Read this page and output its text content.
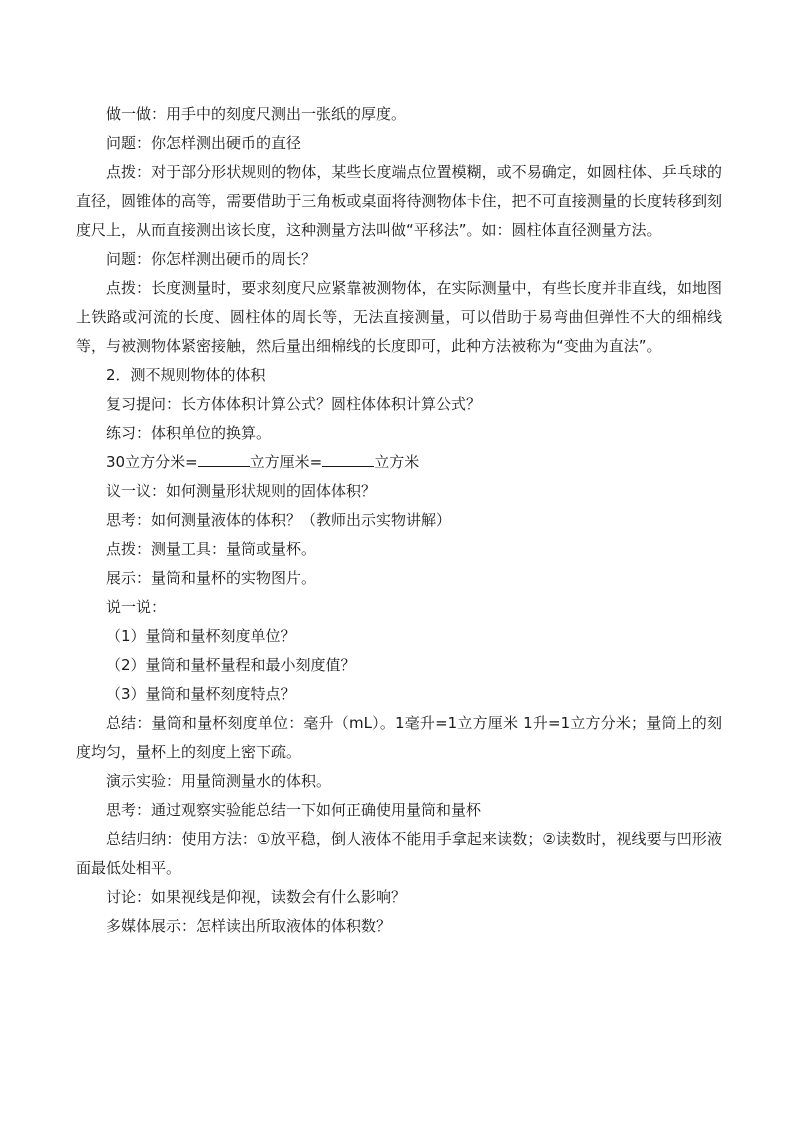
做一做：用手中的刻度尺测出一张纸的厚度。

问题：你怎样测出硬币的直径

点拨：对于部分形状规则的物体，某些长度端点位置模糊，或不易确定，如圆柱体、乒乓球的直径，圆锥体的高等，需要借助于三角板或桌面将待测物体卡住，把不可直接测量的长度转移到刻度尺上，从而直接测出该长度，这种测量方法叫做“平移法”。如：圆柱体直径测量方法。

问题：你怎样测出硬币的周长？

点拨：长度测量时，要求刻度尺应紧靠被测物体，在实际测量中，有些长度并非直线，如地图上铁路或河流的长度、圆柱体的周长等，无法直接测量，可以借助于易弯曲但弹性不大的细棉线等，与被测物体紧密接触，然后量出细棉线的长度即可，此种方法被称为“变曲为直法”。

2．测不规则物体的体积

复习提问：长方体体积计算公式？圆柱体体积计算公式？

练习：体积单位的换算。

30立方分米=	立方厘米=	立方米

议一议：如何测量形状规则的固体体积？

思考：如何测量液体的体积？（教师出示实物讲解）

点拨：测量工具：量筒或量杯。

展示：量筒和量杯的实物图片。

说一说：

（1）量筒和量杯刻度单位？

（2）量筒和量杯量程和最小刻度值？

（3）量筒和量杯刻度特点？

总结：量筒和量杯刻度单位：毫升（mL）。1毫升=1立方厘米 1升=1立方分米；量筒上的刻度均匀，量杯上的刻度上密下疏。

演示实验：用量筒测量水的体积。

思考：通过观察实验能总结一下如何正确使用量筒和量杯

总结归纳：使用方法：①放平稳，倒人液体不能用手拿起来读数；②读数时，视线要与凹形液面最低处相平。

讨论：如果视线是仰视，读数会有什么影响？

多媒体展示：怎样读出所取液体的体积数？
